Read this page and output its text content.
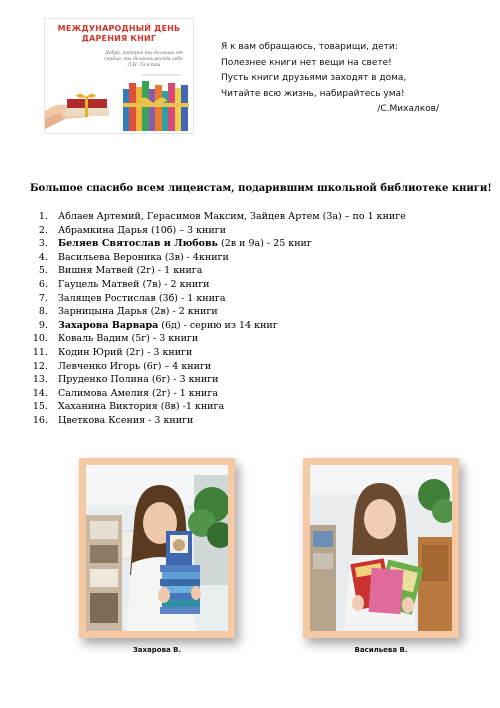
МЕЖДУНАРОДНЫЙ ДЕНЬ
ДАРЕНИЯ КНИГ
Добро, которое ты делаешь от сердца, ты делаешь всегда себе. Л.Н. Толстой
Я к вам обращаюсь, товарищи, дети:
Полезнее книги нет вещи на свете!
Пусть книги друзьями заходят в дома,
Читайте всю жизнь, набирайтесь ума!
/С.Михалков/
Большое спасибо всем лицеистам, подарившим школьной библиотеке книги!
1. Аблаев Артемий, Герасимов Максим, Зайцев Артем (3а) – по 1 книге
2. Абрамкина Дарья (10б) – 3 книги
3. Беляев Святослав и Любовь (2в и 9а) - 25 книг
4. Васильева Вероника (3в) - 4книги
5. Вишня Матвей (2г) - 1 книга
6. Гауцель Матвей (7в) - 2 книги
7. Залящев Ростислав (3б) - 1 книга
8. Зарницына Дарья (2в) - 2 книги
9. Захарова Варвара (6д) - серию из 14 книг
10. Коваль Вадим (5г) - 3 книги
11. Кодин Юрий (2г) - 3 книги
12. Левченко Игорь (6г) – 4 книги
13. Пруденко Полина (6г) - 3 книги
14. Салимова Амелия (2г) - 1 книга
15. Хаханина Виктория (8в) -1 книга
16. Цветкова Ксения - 3 книги
Захарова В.	Васильева В.
